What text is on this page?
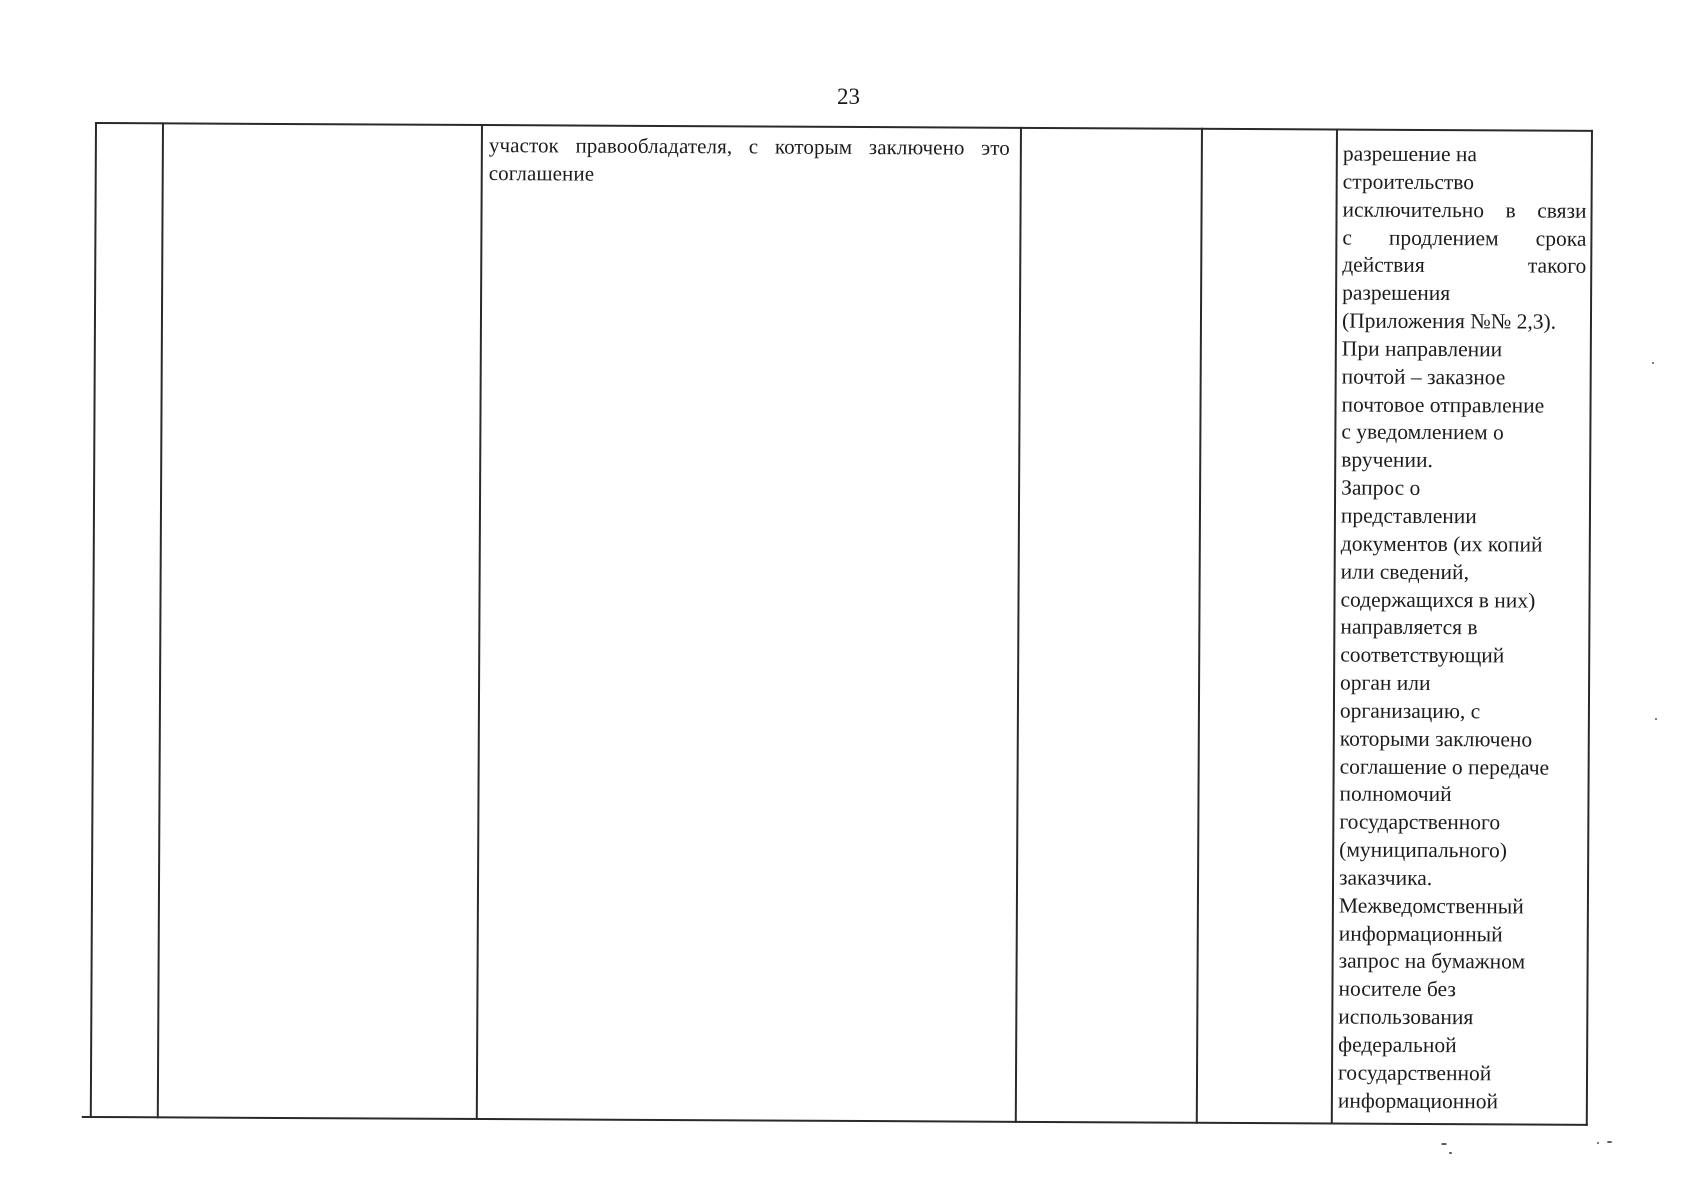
23
участок правообладателя, с которым заключено это соглашение

разрешение на

строительство

исключительно в связи

с продлением срока

действия такого

разрешения

(Приложения №№ 2,3).

При направлении

почтой – заказное

почтовое отправление

с уведомлением о

вручении.

Запрос о

представлении

документов (их копий

или сведений,

содержащихся в них)

направляется в

соответствующий

орган или

организацию, с

которыми заключено

соглашение о передаче

полномочий

государственного

(муниципального)

заказчика.

Межведомственный

информационный

запрос на бумажном

носителе без

использования

федеральной

государственной

информационной
